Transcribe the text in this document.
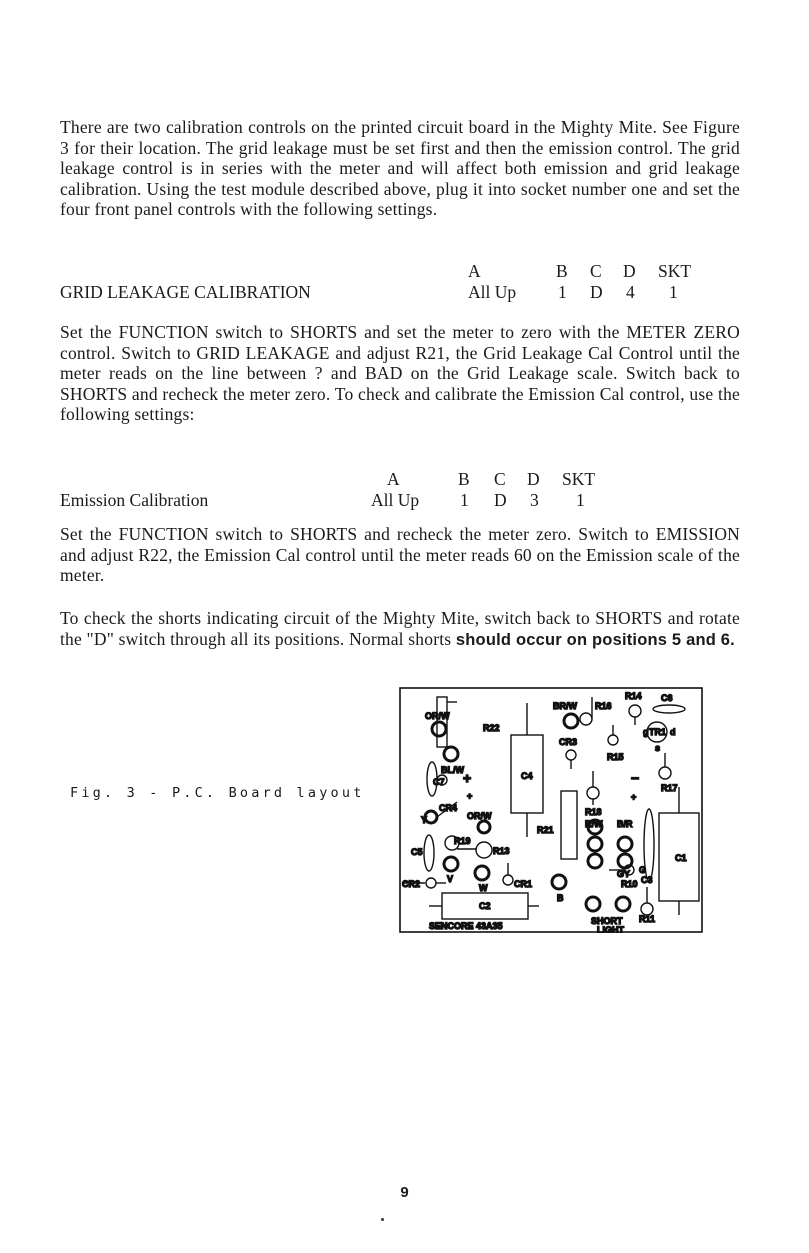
There are two calibration controls on the printed circuit board in the Mighty Mite. See Figure 3 for their location. The grid leakage must be set first and then the emission control. The grid leakage control is in series with the meter and will affect both emission and grid leakage calibration. Using the test module described above, plug it into socket number one and set the four front panel controls with the following settings.

A	B C D SKT
GRID LEAKAGE CALIBRATION	All Up 1 D 4 1

Set the FUNCTION switch to SHORTS and set the meter to zero with the METER ZERO control. Switch to GRID LEAKAGE and adjust R21, the Grid Leakage Cal Control until the meter reads on the line between ? and BAD on the Grid Leakage scale. Switch back to SHORTS and recheck the meter zero. To check and calibrate the Emission Cal control, use the following settings:

A	B C D SKT
Emission Calibration	All Up 1 D 3 1

Set the FUNCTION switch to SHORTS and recheck the meter zero. Switch to EMISSION and adjust R22, the Emission Cal control until the meter reads 60 on the Emission scale of the meter.

To check the shorts indicating circuit of the Mighty Mite, switch back to SHORTS and rotate the "D" switch through all its positions. Normal shorts should occur on positions 5 and 6.

Fig. 3 - P.C. Board layout
OR/W
R22
BR/W R16
R14 C6
TR1 d
g
s
CR3
R15
BL/W
C7
C4
R17
CR4
OR/W
Y
R18
R21
R/W B/R
R19
C5	R13
C1
GY G
R10 C3
CR2	V
W	CR1
B
C2
SHORT
LIGHT
R11
SENCORE 43A35
+
+	+
−
9
